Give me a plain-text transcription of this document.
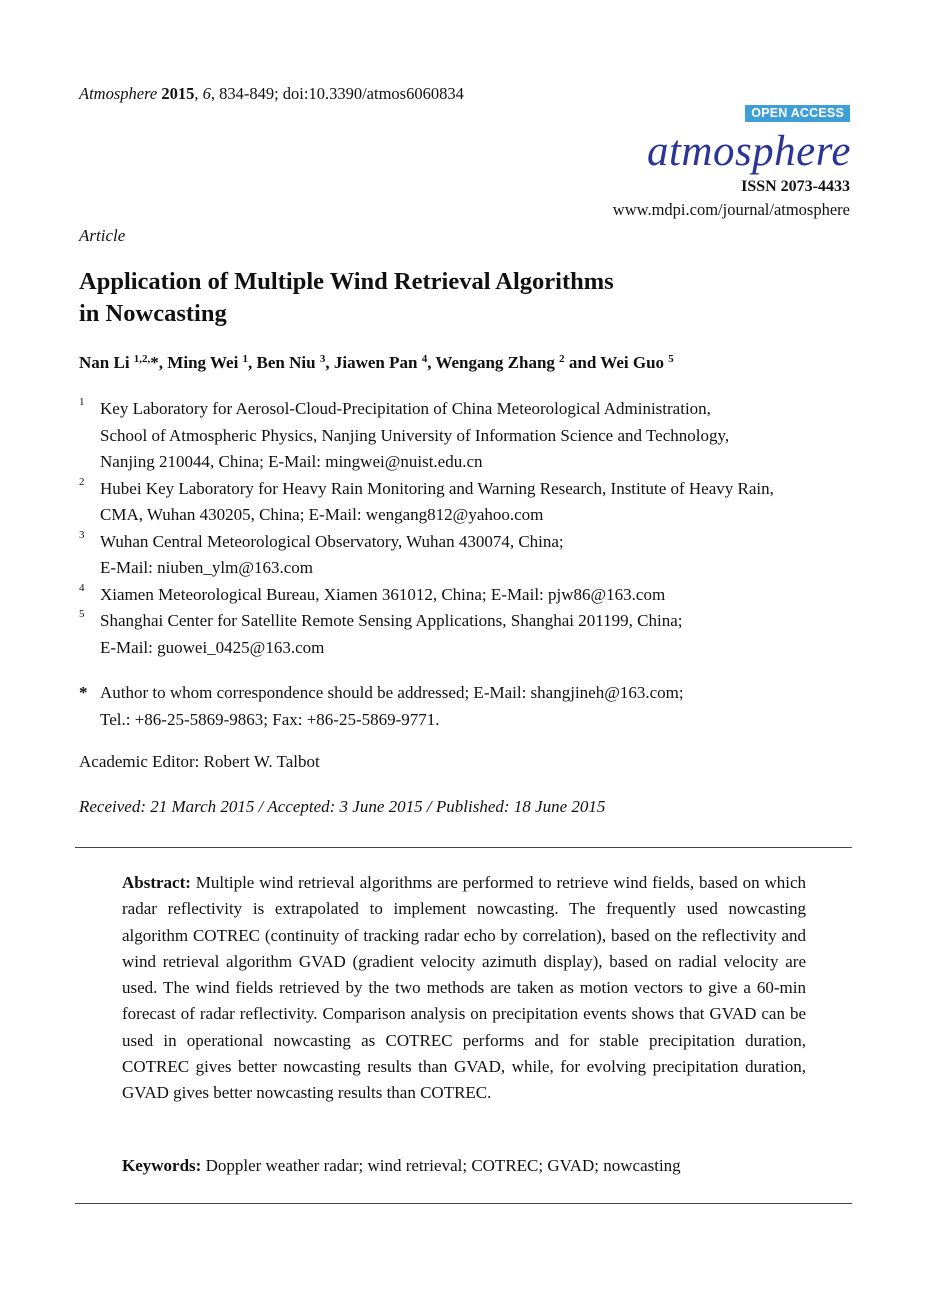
Atmosphere 2015, 6, 834-849; doi:10.3390/atmos6060834
OPEN ACCESS
atmosphere
ISSN 2073-4433
www.mdpi.com/journal/atmosphere
Article
Application of Multiple Wind Retrieval Algorithms
in Nowcasting
Nan Li $^{1,2,}$*, Ming Wei $^1$, Ben Niu $^3$, Jiawen Pan $^4$, Wengang Zhang $^2$ and Wei Guo $^5$
1 Key Laboratory for Aerosol-Cloud-Precipitation of China Meteorological Administration,
School of Atmospheric Physics, Nanjing University of Information Science and Technology,
Nanjing 210044, China; E-Mail: mingwei@nuist.edu.cn
2 Hubei Key Laboratory for Heavy Rain Monitoring and Warning Research, Institute of Heavy Rain,
CMA, Wuhan 430205, China; E-Mail: wengang812@yahoo.com
3 Wuhan Central Meteorological Observatory, Wuhan 430074, China;
E-Mail: niuben_ylm@163.com
4 Xiamen Meteorological Bureau, Xiamen 361012, China; E-Mail: pjw86@163.com
5 Shanghai Center for Satellite Remote Sensing Applications, Shanghai 201199, China;
E-Mail: guowei_0425@163.com
* Author to whom correspondence should be addressed; E-Mail: shangjineh@163.com;
Tel.: +86-25-5869-9863; Fax: +86-25-5869-9771.
Academic Editor: Robert W. Talbot
Received: 21 March 2015 / Accepted: 3 June 2015 / Published: 18 June 2015

Abstract: Multiple wind retrieval algorithms are performed to retrieve wind fields, based on which radar reflectivity is extrapolated to implement nowcasting. The frequently used nowcasting algorithm COTREC (continuity of tracking radar echo by correlation), based on the reflectivity and wind retrieval algorithm GVAD (gradient velocity azimuth display), based on radial velocity are used. The wind fields retrieved by the two methods are taken as motion vectors to give a 60-min forecast of radar reflectivity. Comparison analysis on precipitation events shows that GVAD can be used in operational nowcasting as COTREC performs and for stable precipitation duration, COTREC gives better nowcasting results than GVAD, while, for evolving precipitation duration, GVAD gives better nowcasting results than COTREC.

Keywords: Doppler weather radar; wind retrieval; COTREC; GVAD; nowcasting
